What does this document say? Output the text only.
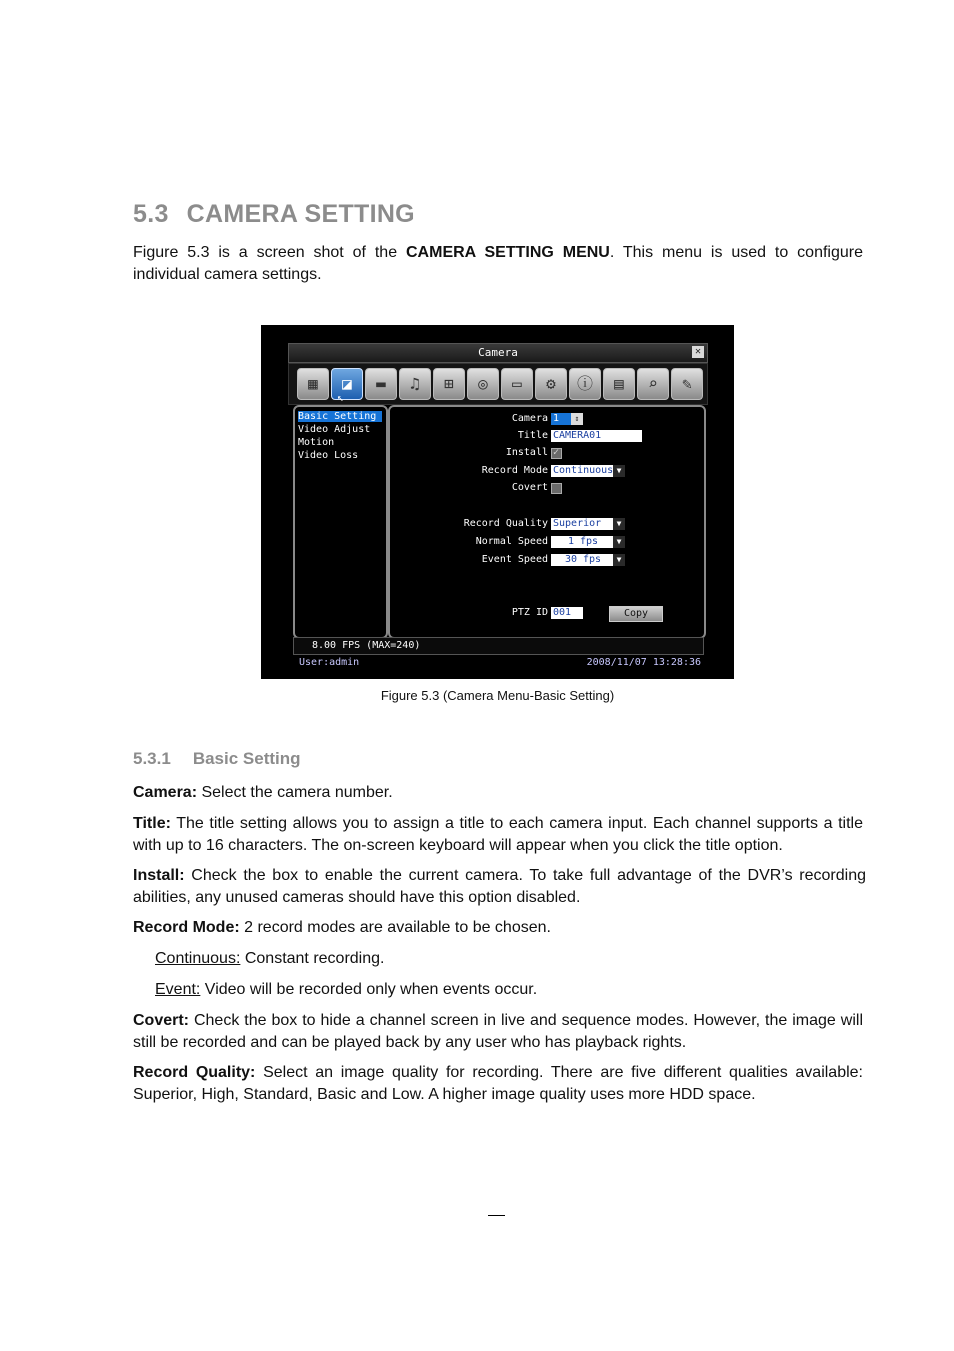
5.3 CAMERA SETTING
Figure 5.3 is a screen shot of the CAMERA SETTING MENU. This menu is used to configure individual camera settings.
Camera	✕
▦	◪	▬	♫	⊞	◎	▭	⚙	ⓘ	▤	⌕	✎
↖
Basic Setting
Video Adjust
Motion
Video Loss
Camera 1	⇕
Title CAMERA01
Install ✓
Record Mode Continuous ▼
Covert
Record Quality Superior	▼
Normal Speed	1 fps	▼
Event Speed	30 fps	▼
PTZ ID 001	Copy
8.00 FPS (MAX=240)
User:admin	2008/11/07 13:28:36
Figure 5.3 (Camera Menu-Basic Setting)
5.3.1 Basic Setting
Camera: Select the camera number.
Title: The title setting allows you to assign a title to each camera input. Each channel supports a title with up to 16 characters. The on-screen keyboard will appear when you click the title option.
Install: Check the box to enable the current camera. To take full advantage of the DVR’s recording abilities, any unused cameras should have this option disabled.
Record Mode: 2 record modes are available to be chosen.
Continuous: Constant recording.
Event: Video will be recorded only when events occur.
Covert: Check the box to hide a channel screen in live and sequence modes. However, the image will still be recorded and can be played back by any user who has playback rights.
Record Quality: Select an image quality for recording. There are five different qualities available: Superior, High, Standard, Basic and Low. A higher image quality uses more HDD space.
